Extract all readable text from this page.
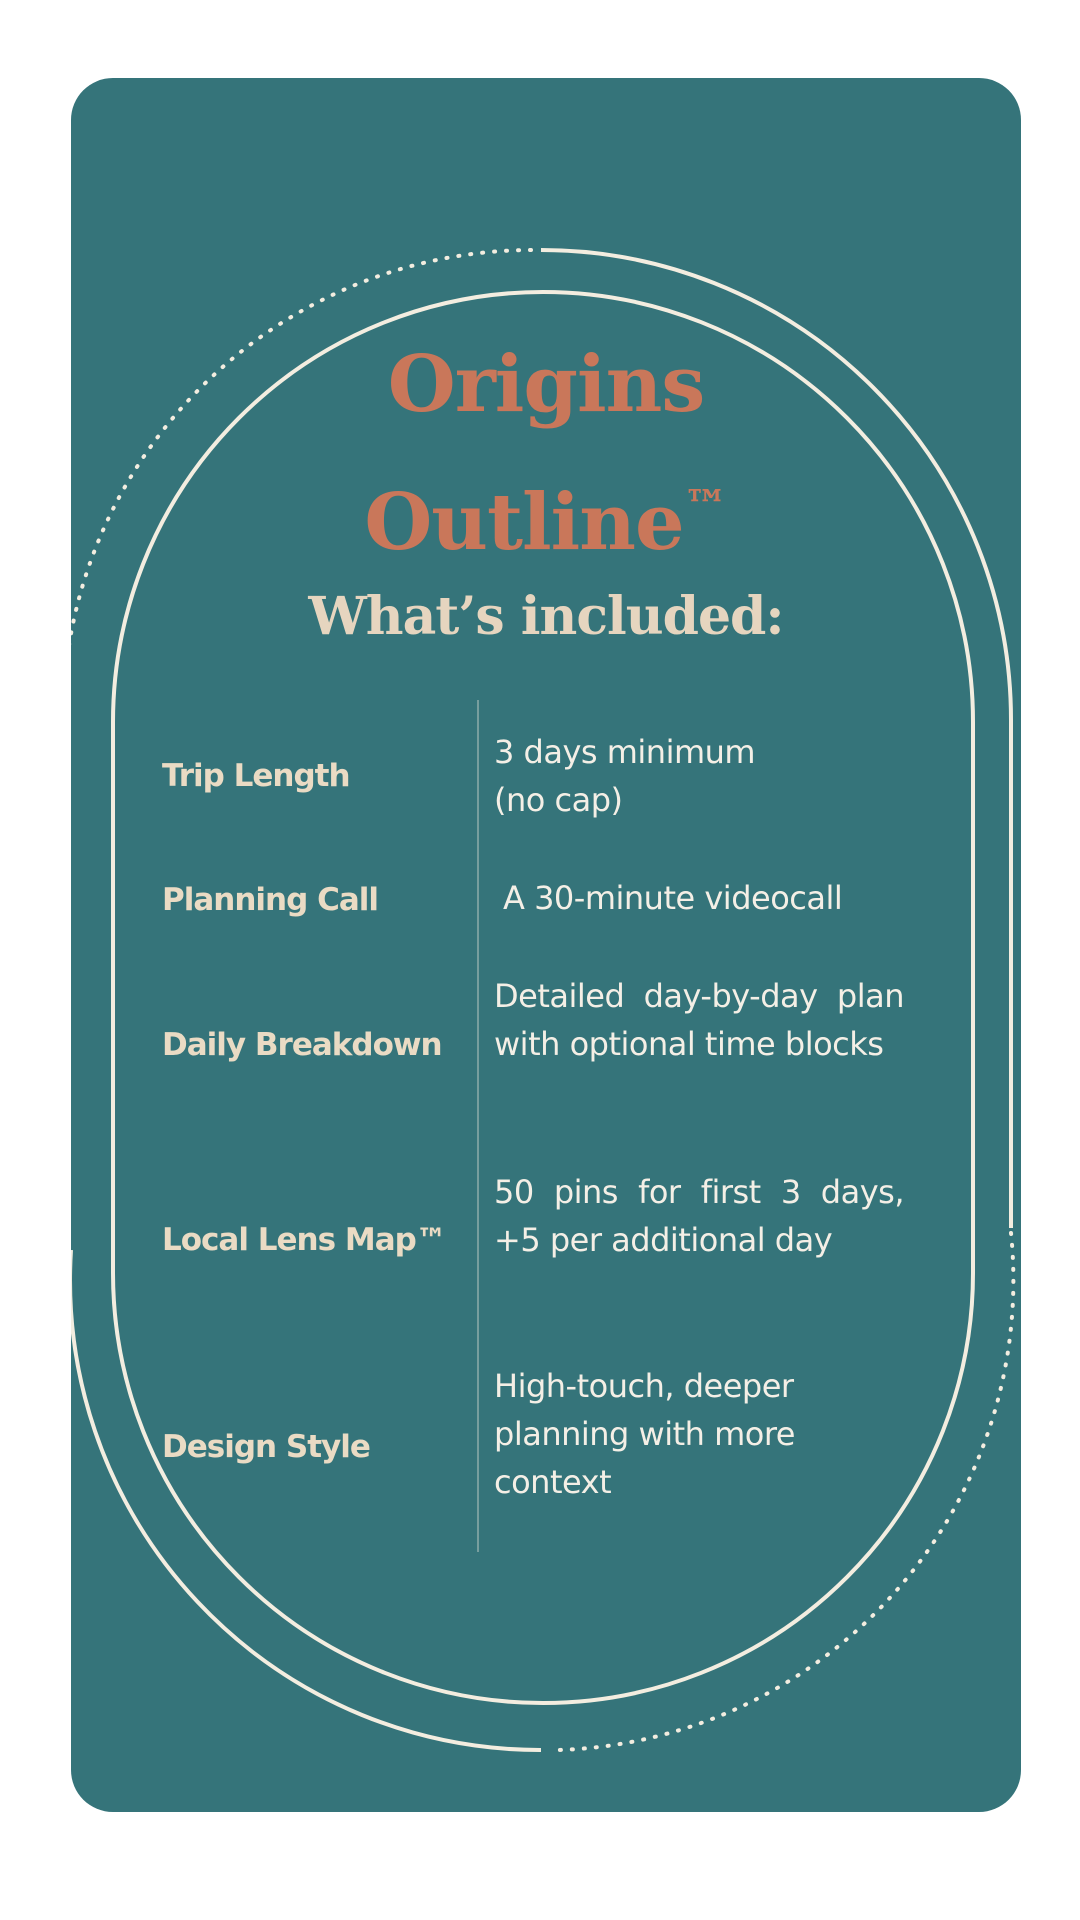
Origins
Outline™
What’s included:
Trip Length
3 days minimum (no cap)
Planning Call	A 30-minute videocall
Daily Breakdown
Detailed day-by-day plan with optional time blocks
Local Lens Map™
50 pins for first 3 days, +5 per additional day
Design Style
High-touch, deeper planning with more context
